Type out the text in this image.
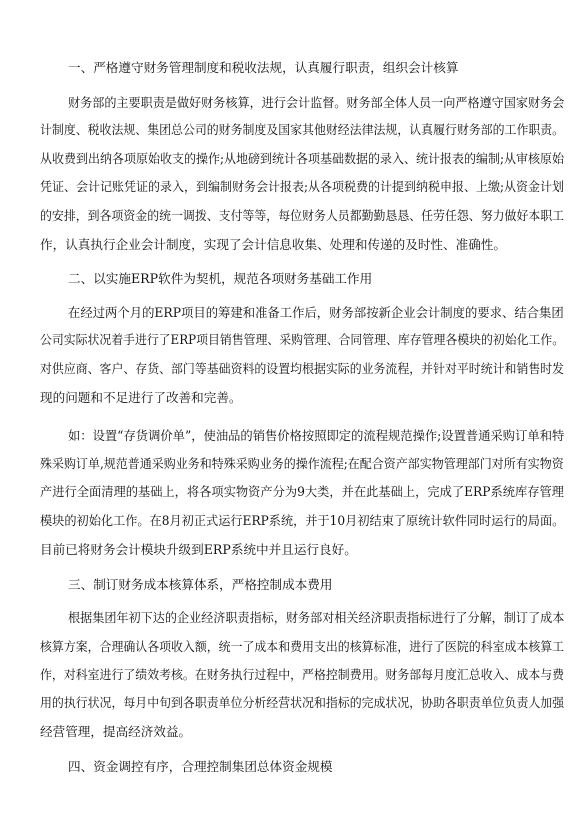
一、严格遵守财务管理制度和税收法规，认真履行职责，组织会计核算
财务部的主要职责是做好财务核算，进行会计监督。财务部全体人员一向严格遵守国家财务会
计制度、税收法规、集团总公司的财务制度及国家其他财经法律法规，认真履行财务部的工作职责。
从收费到出纳各项原始收支的操作;从地磅到统计各项基础数据的录入、统计报表的编制;从审核原始
凭证、会计记账凭证的录入，到编制财务会计报表;从各项税费的计提到纳税申报、上缴;从资金计划
的安排，到各项资金的统一调拨、支付等等，每位财务人员都勤勤恳恳、任劳任怨、努力做好本职工
作，认真执行企业会计制度，实现了会计信息收集、处理和传递的及时性、准确性。
二、以实施ERP软件为契机，规范各项财务基础工作用
在经过两个月的ERP项目的筹建和准备工作后，财务部按新企业会计制度的要求、结合集团
公司实际状况着手进行了ERP项目销售管理、采购管理、合同管理、库存管理各模块的初始化工作。
对供应商、客户、存货、部门等基础资料的设置均根据实际的业务流程，并针对平时统计和销售时发
现的问题和不足进行了改善和完善。
如：设置“存货调价单”，使油品的销售价格按照即定的流程规范操作;设置普通采购订单和特
殊采购订单,规范普通采购业务和特殊采购业务的操作流程;在配合资产部实物管理部门对所有实物资
产进行全面清理的基础上，将各项实物资产分为9大类，并在此基础上，完成了ERP系统库存管理
模块的初始化工作。在8月初正式运行ERP系统，并于10月初结束了原统计软件同时运行的局面。
目前已将财务会计模块升级到ERP系统中并且运行良好。
三、制订财务成本核算体系，严格控制成本费用
根据集团年初下达的企业经济职责指标，财务部对相关经济职责指标进行了分解，制订了成本
核算方案，合理确认各项收入额，统一了成本和费用支出的核算标准，进行了医院的科室成本核算工
作，对科室进行了绩效考核。在财务执行过程中，严格控制费用。财务部每月度汇总收入、成本与费
用的执行状况，每月中旬到各职责单位分析经营状况和指标的完成状况，协助各职责单位负责人加强
经营管理，提高经济效益。
四、资金调控有序，合理控制集团总体资金规模
